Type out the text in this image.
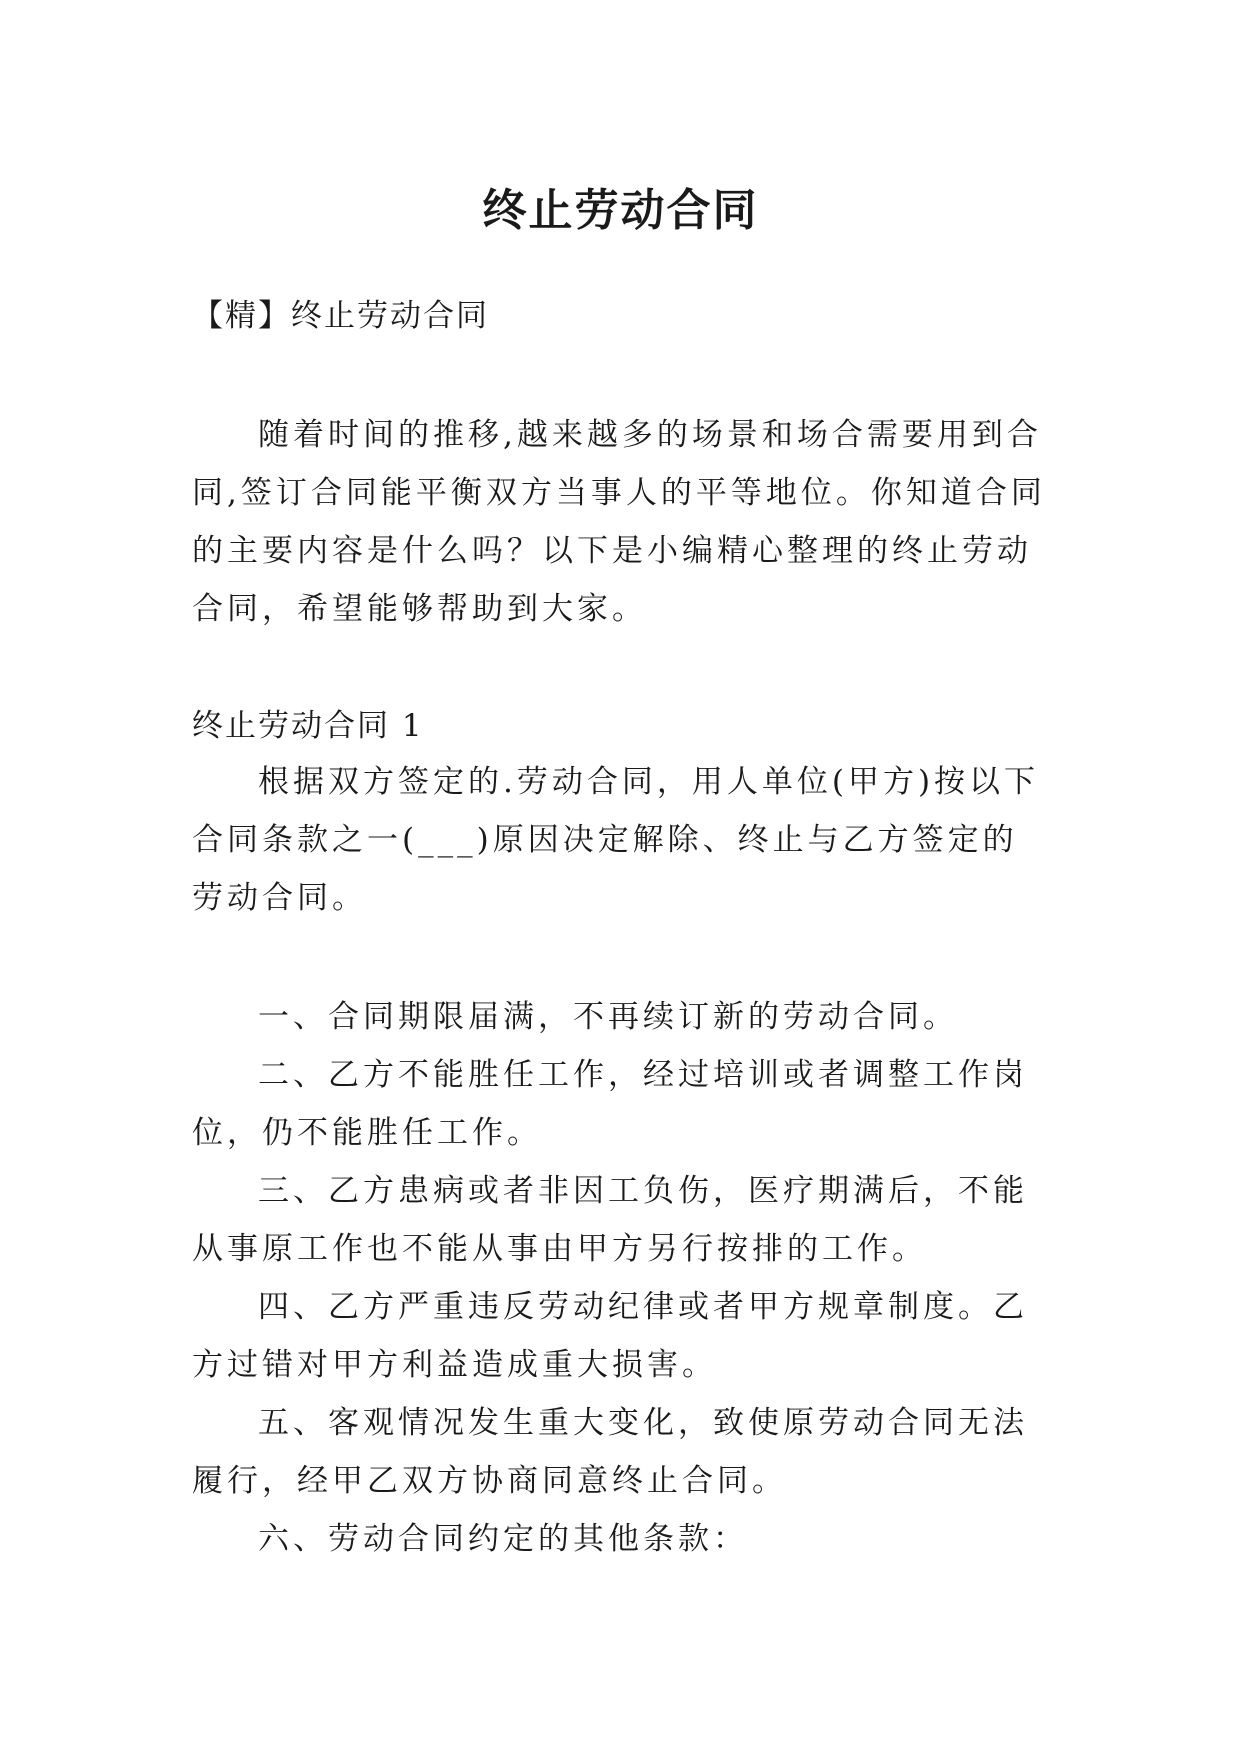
终止劳动合同

【精】终止劳动合同

随着时间的推移,越来越多的场景和场合需要用到合同,签订合同能平衡双方当事人的平等地位。你知道合同的主要内容是什么吗？以下是小编精心整理的终止劳动合同，希望能够帮助到大家。

终止劳动合同 1

根据双方签定的.劳动合同，用人单位(甲方)按以下合同条款之一(___)原因决定解除、终止与乙方签定的劳动合同。

一、合同期限届满，不再续订新的劳动合同。

二、乙方不能胜任工作，经过培训或者调整工作岗位，仍不能胜任工作。

三、乙方患病或者非因工负伤，医疗期满后，不能从事原工作也不能从事由甲方另行按排的工作。

四、乙方严重违反劳动纪律或者甲方规章制度。乙方过错对甲方利益造成重大损害。

五、客观情况发生重大变化，致使原劳动合同无法履行，经甲乙双方协商同意终止合同。

六、劳动合同约定的其他条款：
